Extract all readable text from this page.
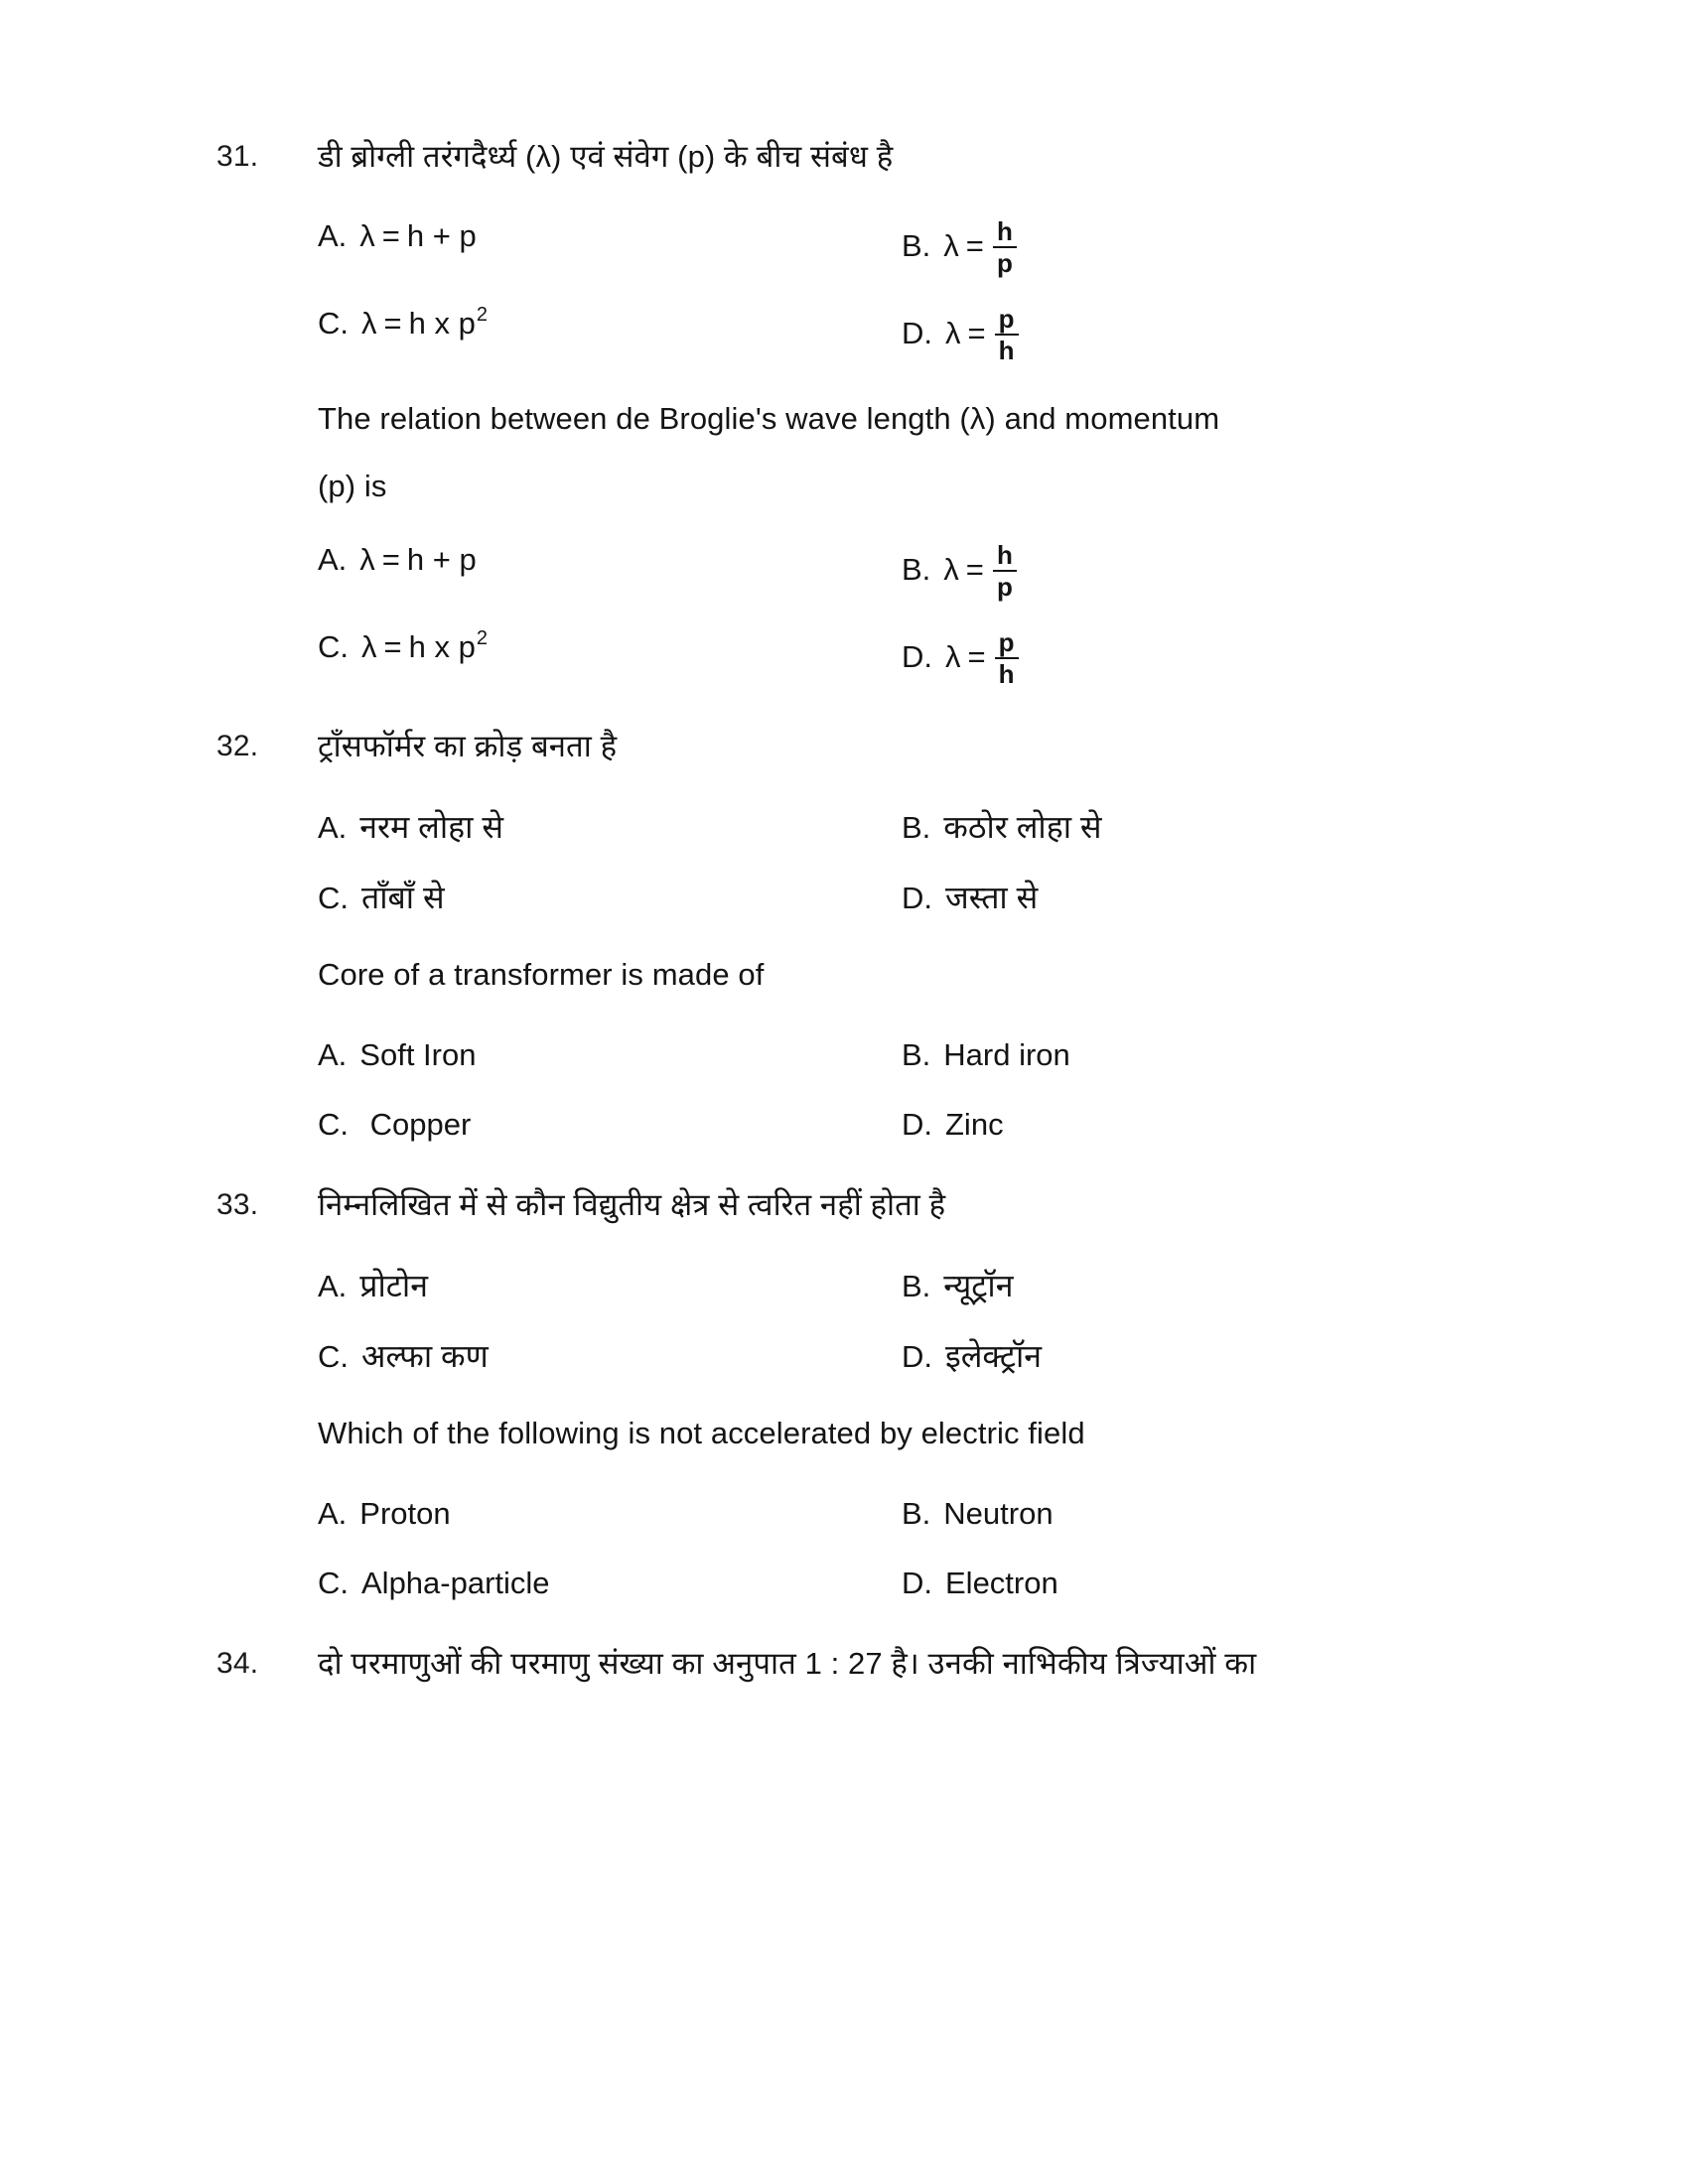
31.	डी ब्रोग्ली तरंगदैर्ध्य (λ) एवं संवेग (p) के बीच संबंध है
A. λ = h + p	B. $\lambda = \frac{h}{p}$
C. λ = h x p 2
D. $\lambda = \frac{p}{h}$
The relation between de Broglie's wave length (λ) and momentum
(p) is
A. λ = h + p	B. $\lambda = \frac{h}{p}$
C. λ = h x p 2
D. $\lambda = \frac{p}{h}$
32.	ट्राँसफॉर्मर का क्रोड़ बनता है
A. नरम लोहा से	B. कठोर लोहा से
C. ताँबाँ से	D. जस्ता से
Core of a transformer is made of
A. Soft Iron	B. Hard iron
C. Copper	D. Zinc
33.	निम्नलिखित में से कौन विद्युतीय क्षेत्र से त्वरित नहीं होता है
A. प्रोटोन	B. न्यूट्रॉन
C. अल्फा कण	D. इलेक्ट्रॉन
Which of the following is not accelerated by electric field
A. Proton	B. Neutron
C. Alpha-particle	D. Electron
34.	दो परमाणुओं की परमाणु संख्या का अनुपात 1 : 27 है। उनकी नाभिकीय त्रिज्याओं का
